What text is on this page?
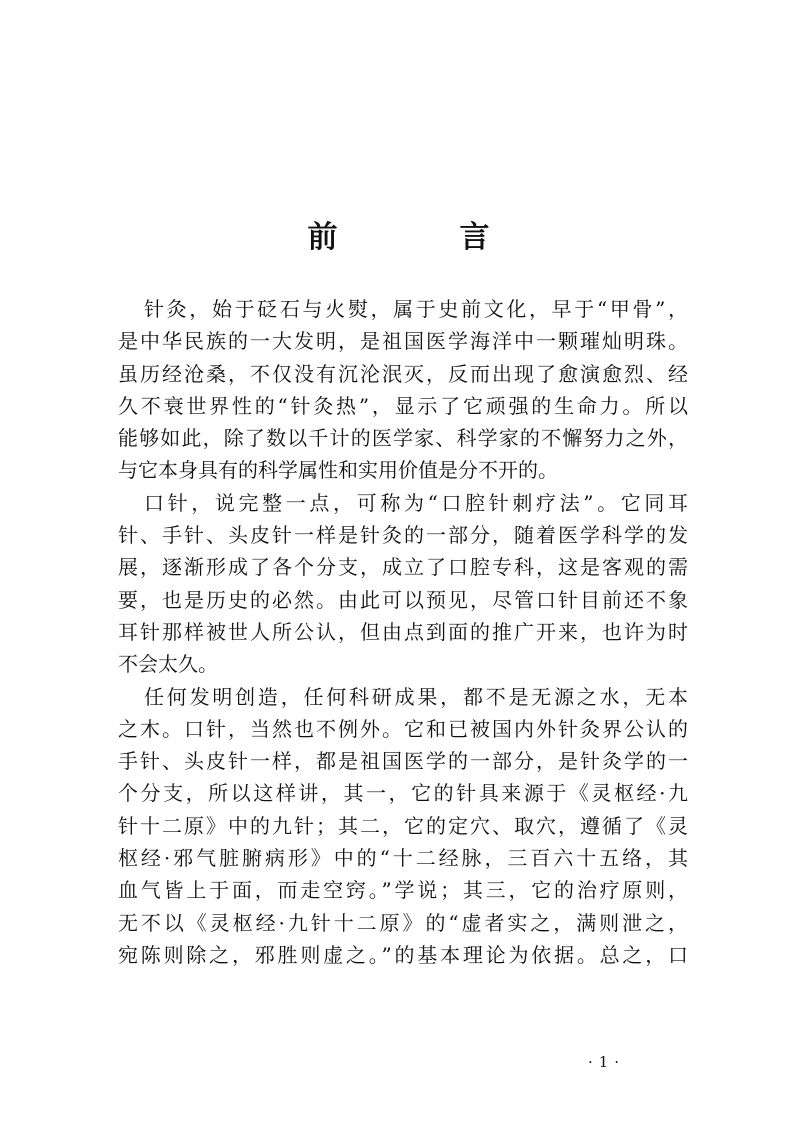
前　言
针灸，始于砭石与火熨，属于史前文化，早于“甲骨”，
是中华民族的一大发明，是祖国医学海洋中一颗璀灿明珠。
虽历经沧桑，不仅没有沉沦泯灭，反而出现了愈演愈烈、经
久不衰世界性的“针灸热”，显示了它顽强的生命力。所以
能够如此，除了数以千计的医学家、科学家的不懈努力之外，
与它本身具有的科学属性和实用价值是分不开的。
口针，说完整一点，可称为“口腔针刺疗法”。它同耳
针、手针、头皮针一样是针灸的一部分，随着医学科学的发
展，逐渐形成了各个分支，成立了口腔专科，这是客观的需
要，也是历史的必然。由此可以预见，尽管口针目前还不象
耳针那样被世人所公认，但由点到面的推广开来，也许为时
不会太久。
任何发明创造，任何科研成果，都不是无源之水，无本
之木。口针，当然也不例外。它和已被国内外针灸界公认的
手针、头皮针一样，都是祖国医学的一部分，是针灸学的一
个分支，所以这样讲，其一，它的针具来源于《灵枢经·九
针十二原》中的九针；其二，它的定穴、取穴，遵循了《灵
枢经·邪气脏腑病形》中的“十二经脉，三百六十五络，其
血气皆上于面，而走空窍。”学说；其三，它的治疗原则，
无不以《灵枢经·九针十二原》的“虚者实之，满则泄之，
宛陈则除之，邪胜则虚之。”的基本理论为依据。总之，口
·1·
